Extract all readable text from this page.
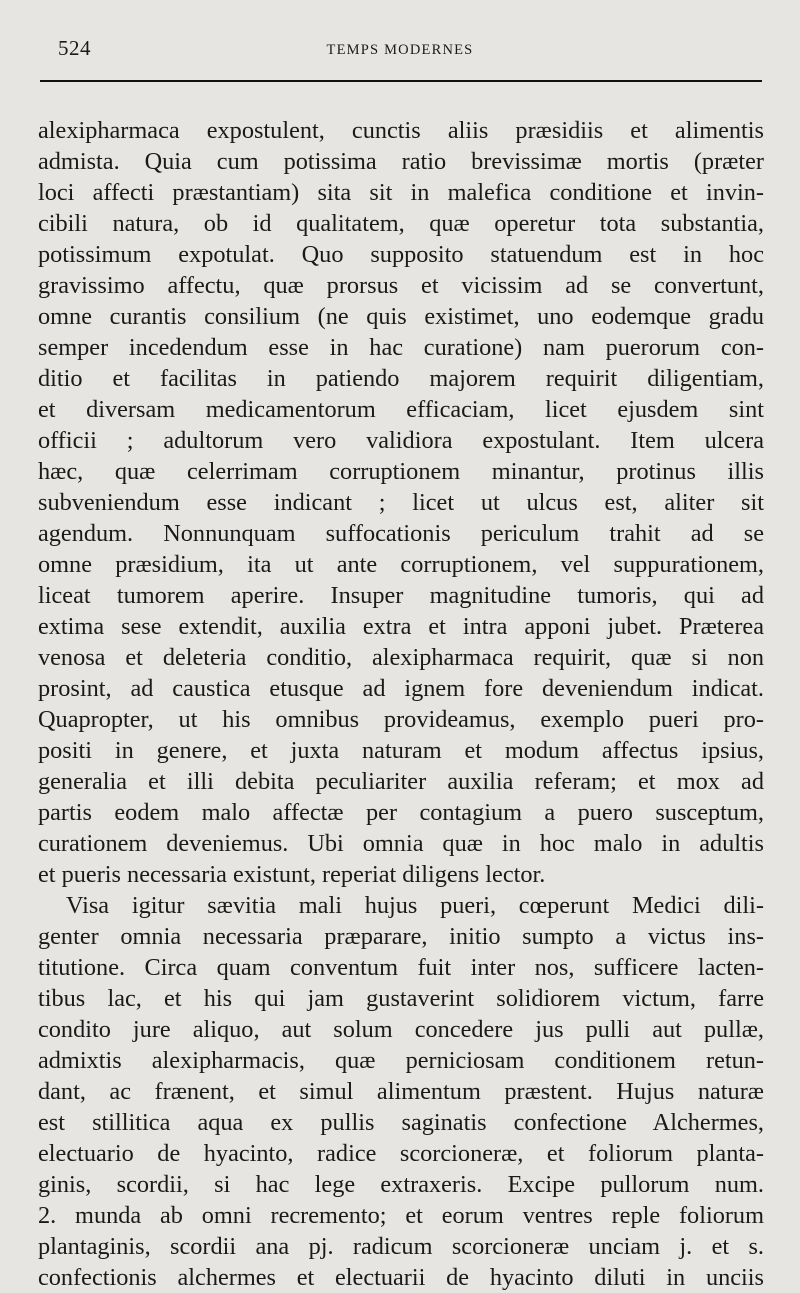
524	TEMPS MODERNES
alexipharmaca expostulent, cunctis aliis præsidiis et alimentis
admista. Quia cum potissima ratio brevissimæ mortis (præter
loci affecti præstantiam) sita sit in malefica conditione et invin-
cibili natura, ob id qualitatem, quæ operetur tota substantia,
potissimum expotulat. Quo supposito statuendum est in hoc
gravissimo affectu, quæ prorsus et vicissim ad se convertunt,
omne curantis consilium (ne quis existimet, uno eodemque gradu
semper incedendum esse in hac curatione) nam puerorum con-
ditio et facilitas in patiendo majorem requirit diligentiam,
et diversam medicamentorum efficaciam, licet ejusdem sint
officii ; adultorum vero validiora expostulant. Item ulcera
hæc, quæ celerrimam corruptionem minantur, protinus illis
subveniendum esse indicant ; licet ut ulcus est, aliter sit
agendum. Nonnunquam suffocationis periculum trahit ad se
omne præsidium, ita ut ante corruptionem, vel suppurationem,
liceat tumorem aperire. Insuper magnitudine tumoris, qui ad
extima sese extendit, auxilia extra et intra apponi jubet. Præterea
venosa et deleteria conditio, alexipharmaca requirit, quæ si non
prosint, ad caustica etusque ad ignem fore deveniendum indicat.
Quapropter, ut his omnibus provideamus, exemplo pueri pro-
positi in genere, et juxta naturam et modum affectus ipsius,
generalia et illi debita peculiariter auxilia referam; et mox ad
partis eodem malo affectæ per contagium a puero susceptum,
curationem deveniemus. Ubi omnia quæ in hoc malo in adultis
et pueris necessaria existunt, reperiat diligens lector.
Visa igitur sævitia mali hujus pueri, cœperunt Medici dili-
genter omnia necessaria præparare, initio sumpto a victus ins-
titutione. Circa quam conventum fuit inter nos, sufficere lacten-
tibus lac, et his qui jam gustaverint solidiorem victum, farre
condito jure aliquo, aut solum concedere jus pulli aut pullæ,
admixtis alexipharmacis, quæ perniciosam conditionem retun-
dant, ac frænent, et simul alimentum præstent. Hujus naturæ
est stillitica aqua ex pullis saginatis confectione Alchermes,
electuario de hyacinto, radice scorcioneræ, et foliorum planta-
ginis, scordii, si hac lege extraxeris. Excipe pullorum num.
2. munda ab omni recremento; et eorum ventres reple foliorum
plantaginis, scordii ana pj. radicum scorcioneræ unciam j. et s.
confectionis alchermes et electuarii de hyacinto diluti in unciis
